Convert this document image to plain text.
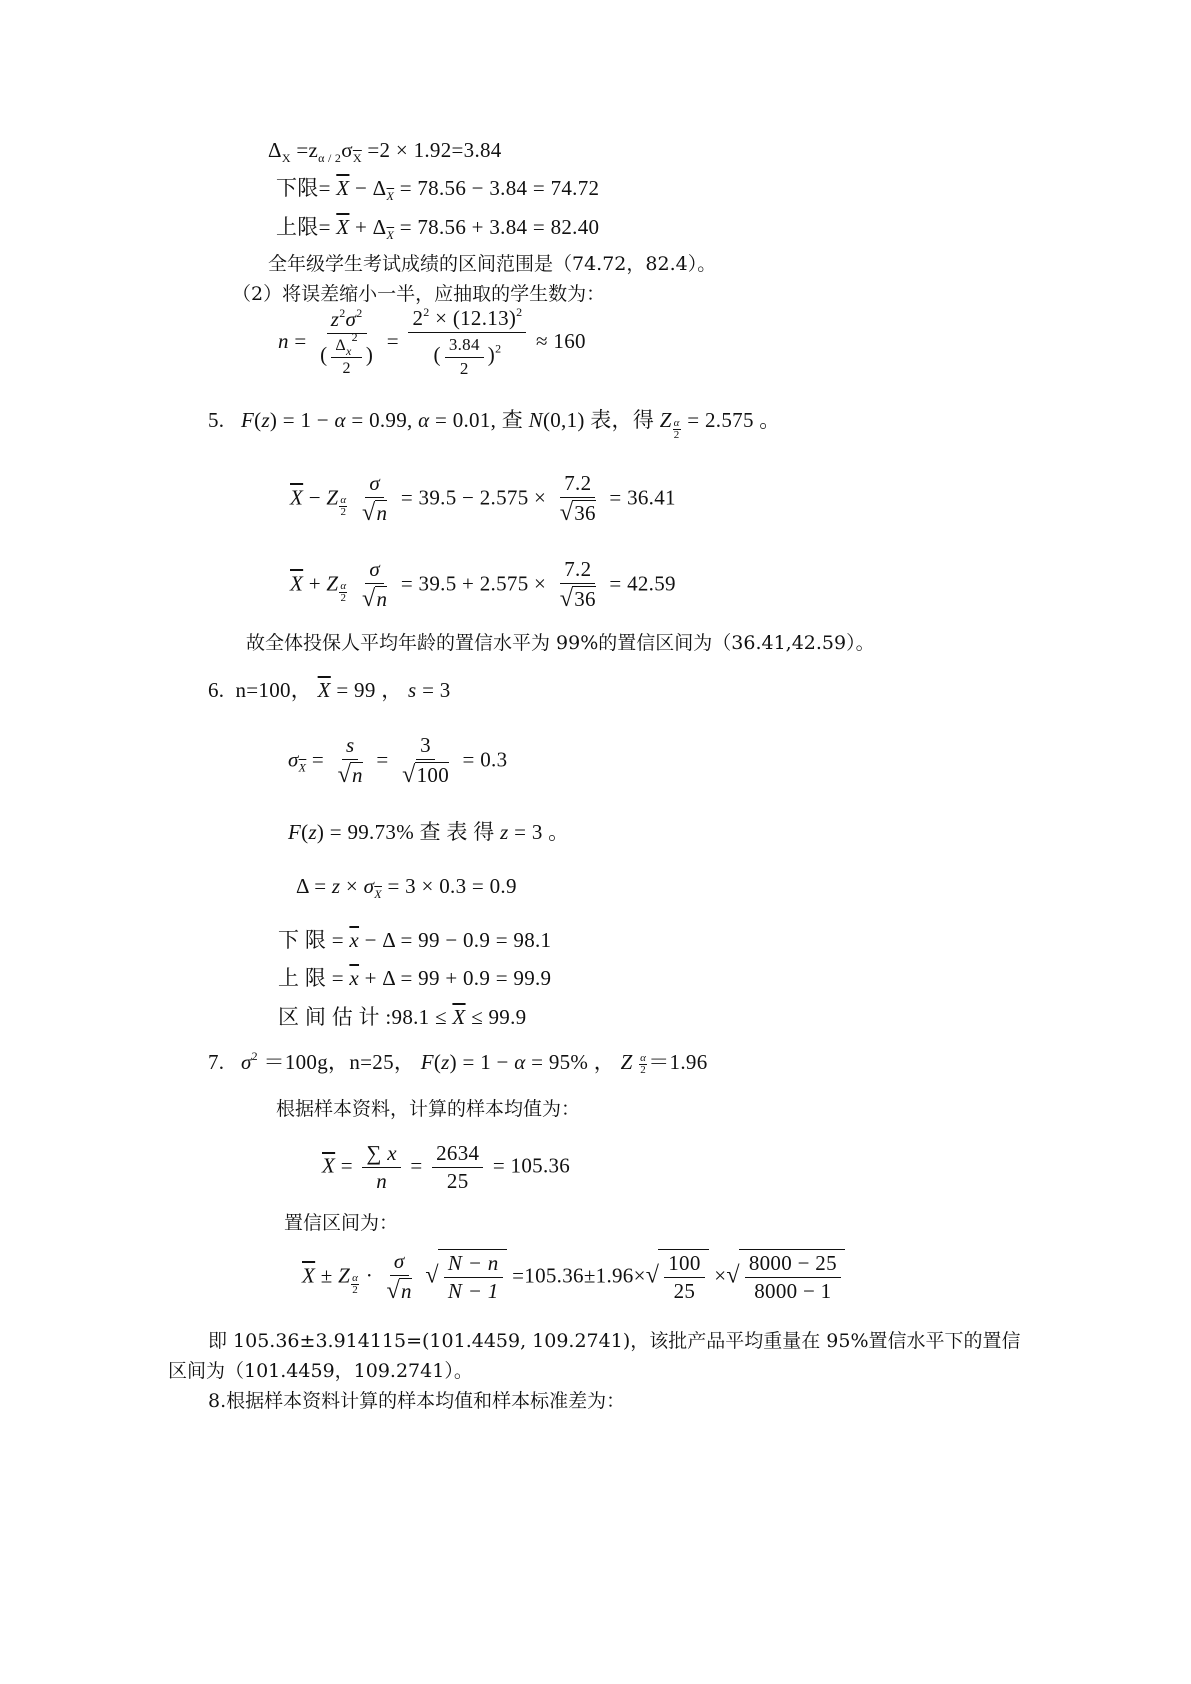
$\Delta_X =z_{\alpha / 2}\sigma_{\overline{X}} =2 \times 1.92=3.84$
下限= $\overline{X} - \Delta_{\overline{X}} = 78.56 - 3.84 = 74.72$
上限= $\overline{X} + \Delta_{\overline{X}} = 78.56 + 3.84 = 82.40$
全年级学生考试成绩的区间范围是（74.72，82.4）。
（2）将误差缩小一半，应抽取的学生数为：
$n = \frac{z^2\sigma^2}{( \frac{\Delta_x^2}{2} )} = \frac{2^2 \times (12.13)^2}{( \frac{3.84}{2} )^2} \approx 160$
5.   F(z) = 1 − α = 0.99, α = 0.01, 查 N(0,1) 表，得 Z $_{\frac{\alpha}{2}}$ = 2.575 。
$\overline{X} - Z$ $_{\frac{\alpha}{2}}$
$\frac{\sigma}{√n} = 39.5 - 2.575 \times \frac{7.2}{√36} = 36.41$
$\overline{X} + Z$ $_{\frac{\alpha}{2}}$
$\frac{\sigma}{√n} = 39.5 + 2.575 \times \frac{7.2}{√36} = 42.59$
故全体投保人平均年龄的置信水平为 99%的置信区间为（36.41,42.59）。
6.  n=100， $\overline{X} = 99$ ， s = 3
$\sigma_{\overline{X}} = \frac{s}{√n} = \frac{3}{√100} = 0.3$
F(z) = 99.73% 查 表 得 z = 3 。
$\Delta = z \times \sigma_{\overline{X}} = 3 \times 0.3 = 0.9$
下 限 = $\overline{x} - \Delta = 99 - 0.9 = 98.1$
上 限 = $\overline{x} + \Delta = 99 + 0.9 = 99.9$
区 间 估 计 :98.1 ≤ $\overline{X} \le 99.9$
7.   $\sigma^2 =100g$，n=25， F(z) = 1 − α = 95% ， Z $\frac{\alpha}{2} =1.96$
根据样本资料，计算的样本均值为：
$\overline{X} = \frac{\sum x}{n} = \frac{2634}{25} = 105.36$
置信区间为：
$\overline{X} \pm Z$ $_{\frac{\alpha}{2}} \cdot \frac{\sigma}{√n}$ √ $\frac{N - n}{N - 1} =105.36\pm 1.96\times√ \frac{100}{25}$ ×√ $\frac{8000 - 25}{8000 - 1}$
即 105.36±3.914115=(101.4459, 109.2741)，该批产品平均重量在 95%置信水平下的置信
区间为（101.4459，109.2741）。
8.根据样本资料计算的样本均值和样本标准差为：
